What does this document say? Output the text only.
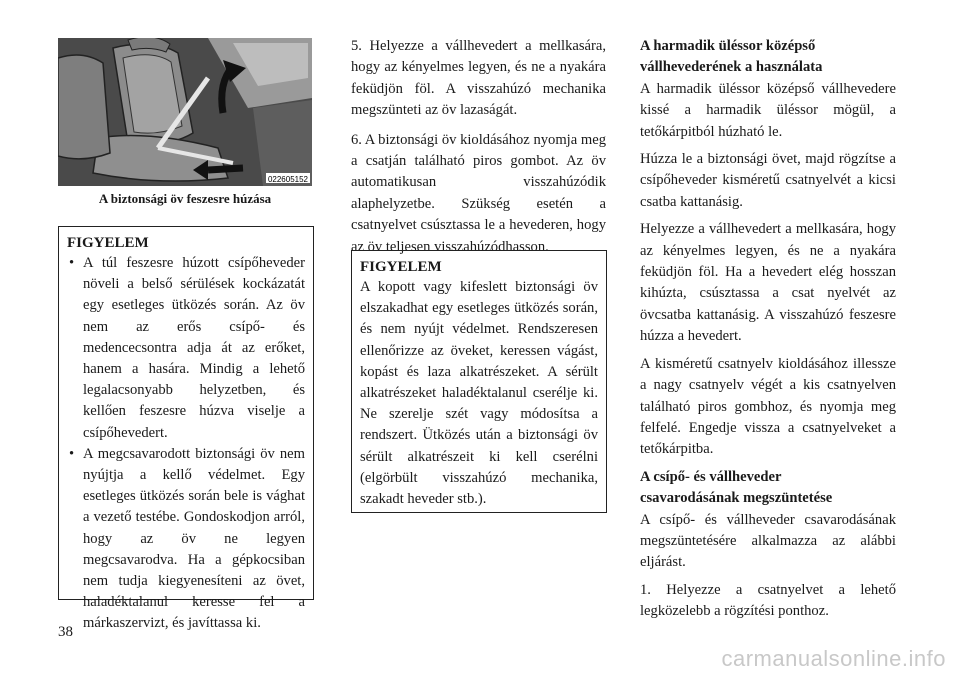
022605152
A biztonsági öv feszesre húzása

FIGYELEM

• A túl feszesre húzott csípőheveder növeli a belső sérülések kockázatát egy esetleges ütközés során. Az öv nem az erős csípő- és medencecsontra adja át az erőket, hanem a hasára. Mindig a lehető legalacsonyabb helyzetben, és kellően feszesre húzva viselje a csípőhevedert.
• A megcsavarodott biztonsági öv nem nyújtja a kellő védelmet. Egy esetleges ütközés során bele is vághat a vezető testébe. Gondoskodjon arról, hogy az öv ne legyen megcsavarodva. Ha a gépkocsiban nem tudja kiegyenesíteni az övet, haladéktalanul keresse fel a márkaszervizt, és javíttassa ki.

5. Helyezze a vállhevedert a mellkasára, hogy az kényelmes legyen, és ne a nyakára feküdjön föl. A visszahúzó mechanika megszünteti az öv lazaságát.

6. A biztonsági öv kioldásához nyomja meg a csatján található piros gombot. Az öv automatikusan visszahúzódik alaphelyzetbe. Szükség esetén a csatnyelvet csúsztassa le a hevederen, hogy az öv teljesen visszahúzódhasson.

FIGYELEM

A kopott vagy kifeslett biztonsági öv elszakadhat egy esetleges ütközés során, és nem nyújt védelmet. Rendszeresen ellenőrizze az öveket, keressen vágást, kopást és laza alkatrészeket. A sérült alkatrészeket haladéktalanul cserélje ki. Ne szerelje szét vagy módosítsa a rendszert. Ütközés után a biztonsági öv sérült alkatrészeit ki kell cserélni (elgörbült visszahúzó mechanika, szakadt heveder stb.).

A harmadik üléssor középső
vállhevederének a használata

A harmadik üléssor középső vállhevedere kissé a harmadik üléssor mögül, a tetőkárpitból húzható le.

Húzza le a biztonsági övet, majd rögzítse a csípőheveder kisméretű csatnyelvét a kicsi csatba kattanásig.

Helyezze a vállhevedert a mellkasára, hogy az kényelmes legyen, és ne a nyakára feküdjön föl. Ha a hevedert elég hosszan kihúzta, csúsztassa a csat nyelvét az övcsatba kattanásig. A visszahúzó feszesre húzza a hevedert.

A kisméretű csatnyelv kioldásához illessze a nagy csatnyelv végét a kis csatnyelven található piros gombhoz, és nyomja meg felfelé. Engedje vissza a csatnyelveket a tetőkárpitba.

A csípő- és vállheveder
csavarodásának megszüntetése

A csípő- és vállheveder csavarodásának megszüntetésére alkalmazza az alábbi eljárást.

1. Helyezze a csatnyelvet a lehető legközelebb a rögzítési ponthoz.

38
carmanualsonline.info
